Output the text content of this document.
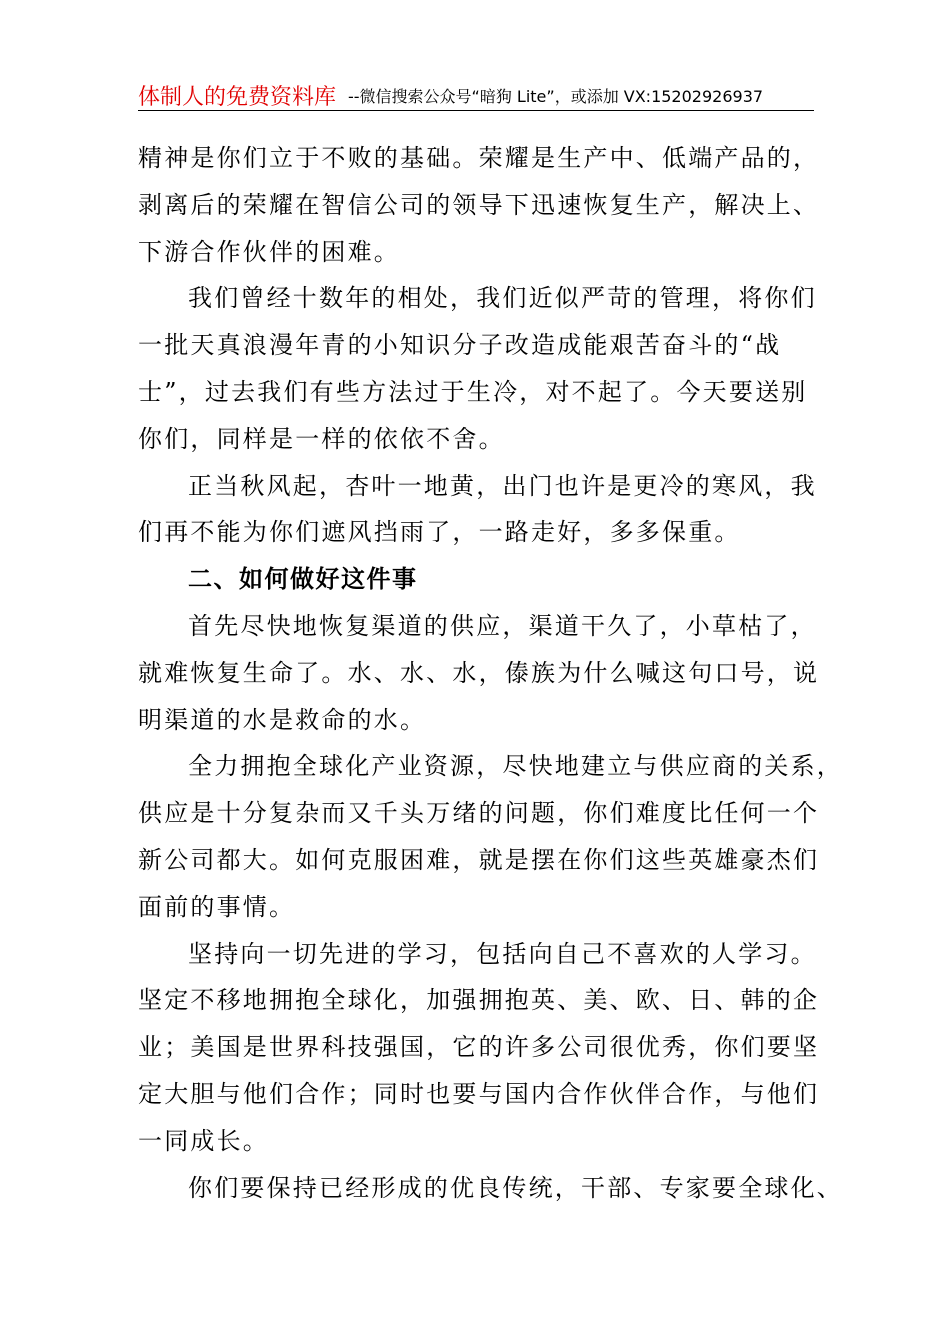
体制人的免费资料库 --微信搜索公众号“暗狗 Lite”，或添加 VX:15202926937
精神是你们立于不败的基础。荣耀是生产中、低端产品的，
剥离后的荣耀在智信公司的领导下迅速恢复生产，解决上、
下游合作伙伴的困难。
我们曾经十数年的相处，我们近似严苛的管理，将你们
一批天真浪漫年青的小知识分子改造成能艰苦奋斗的“战
士”，过去我们有些方法过于生冷，对不起了。今天要送别
你们，同样是一样的依依不舍。
正当秋风起，杏叶一地黄，出门也许是更冷的寒风，我
们再不能为你们遮风挡雨了，一路走好，多多保重。
二、如何做好这件事
首先尽快地恢复渠道的供应，渠道干久了，小草枯了，
就难恢复生命了。水、水、水，傣族为什么喊这句口号，说
明渠道的水是救命的水。
全力拥抱全球化产业资源，尽快地建立与供应商的关系，
供应是十分复杂而又千头万绪的问题，你们难度比任何一个
新公司都大。如何克服困难，就是摆在你们这些英雄豪杰们
面前的事情。
坚持向一切先进的学习，包括向自己不喜欢的人学习。
坚定不移地拥抱全球化，加强拥抱英、美、欧、日、韩的企
业；美国是世界科技强国，它的许多公司很优秀，你们要坚
定大胆与他们合作；同时也要与国内合作伙伴合作，与他们
一同成长。
你们要保持已经形成的优良传统，干部、专家要全球化、
